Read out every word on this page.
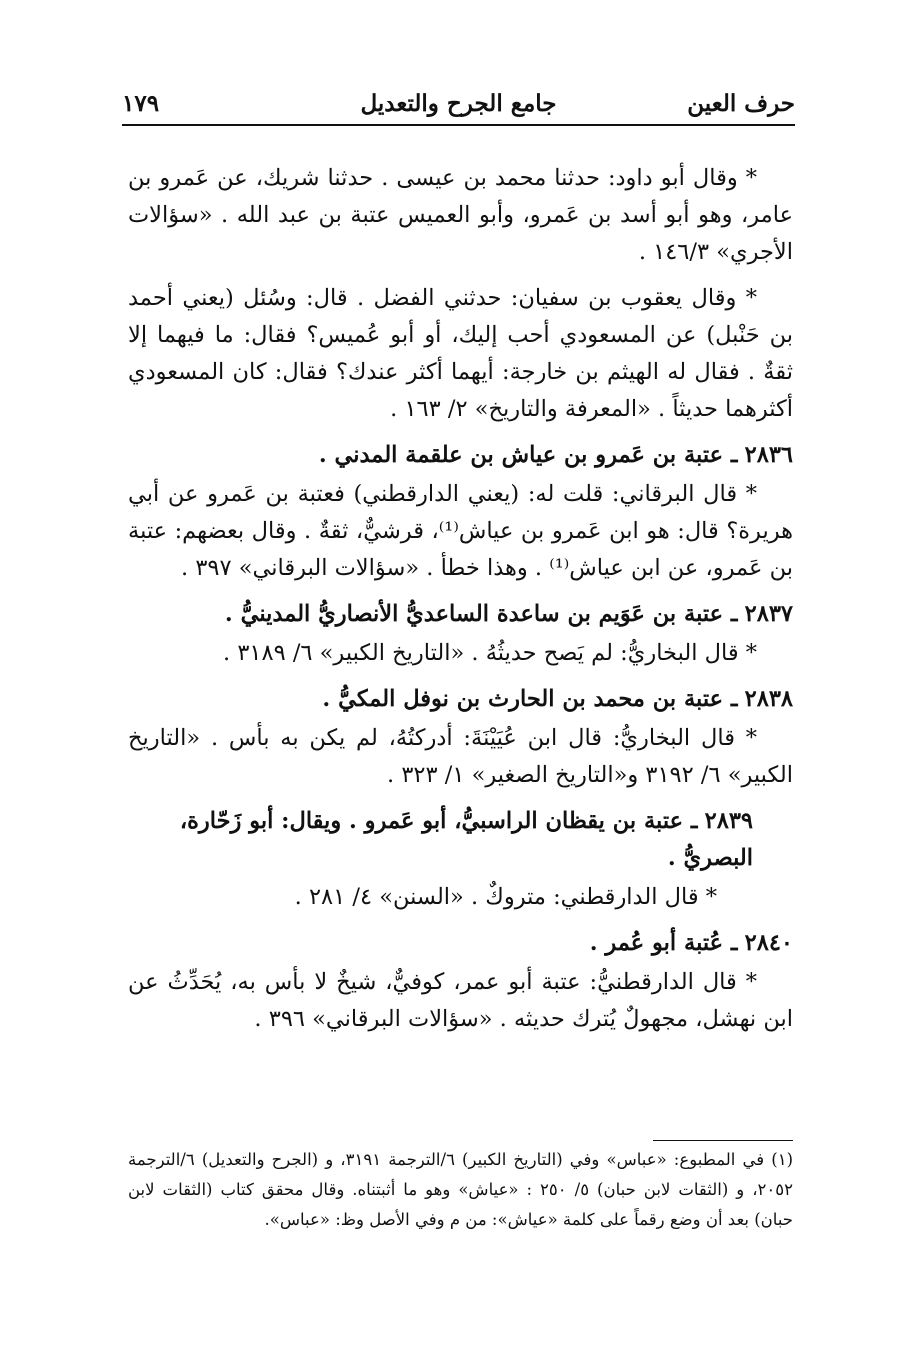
حرف العين
جامع الجرح والتعديل
١٧٩

* وقال أبو داود: حدثنا محمد بن عيسى . حدثنا شريك، عن عَمرو بن عامر، وهو أبو أسد بن عَمرو، وأبو العميس عتبة بن عبد الله . «سؤالات الأجري» ١٤٦/٣ .

* وقال يعقوب بن سفيان: حدثني الفضل . قال: وسُئل (يعني أحمد بن حَنْبل) عن المسعودي أحب إليك، أو أبو عُميس؟ فقال: ما فيهما إلا ثقةٌ . فقال له الهيثم بن خارجة: أيهما أكثر عندك؟ فقال: كان المسعودي أكثرهما حديثاً . «المعرفة والتاريخ» ٢/ ١٦٣ .

٢٨٣٦ ـ عتبة بن عَمرو بن عياش بن علقمة المدني .

* قال البرقاني: قلت له: (يعني الدارقطني) فعتبة بن عَمرو عن أبي هريرة؟ قال: هو ابن عَمرو بن عياش⁽¹⁾، قرشيٌّ، ثقةٌ . وقال بعضهم: عتبة بن عَمرو، عن ابن عياش⁽¹⁾ . وهذا خطأ . «سؤالات البرقاني» ٣٩٧ .

٢٨٣٧ ـ عتبة بن عَوَيم بن ساعدة الساعديُّ الأنصاريُّ المدينيُّ .

* قال البخاريُّ: لم يَصح حديثُهُ . «التاريخ الكبير» ٦/ ٣١٨٩ .

٢٨٣٨ ـ عتبة بن محمد بن الحارث بن نوفل المكيُّ .

* قال البخاريُّ: قال ابن عُيَيْنَةَ: أدركتُهُ، لم يكن به بأس . «التاريخ الكبير» ٦/ ٣١٩٢ و«التاريخ الصغير» ١/ ٣٢٣ .

٢٨٣٩ ـ عتبة بن يقظان الراسبيُّ، أبو عَمرو . ويقال: أبو زَحّارة، البصريُّ .

* قال الدارقطني: متروكٌ . «السنن» ٤/ ٢٨١ .

٢٨٤٠ ـ عُتبة أبو عُمر .

* قال الدارقطنيُّ: عتبة أبو عمر، كوفيٌّ، شيخٌ لا بأس به، يُحَدِّثُ عن ابن نهشل، مجهولٌ يُترك حديثه . «سؤالات البرقاني» ٣٩٦ .

(١) في المطبوع: «عباس» وفي (التاريخ الكبير) ٦/الترجمة ٣١٩١، و (الجرح والتعديل) ٦/الترجمة ٢٠٥٢، و (الثقات لابن حبان) ٥/ ٢٥٠ : «عياش» وهو ما أثبتناه. وقال محقق كتاب (الثقات لابن حبان) بعد أن وضع رقماً على كلمة «عياش»: من م وفي الأصل وظ: «عباس».
